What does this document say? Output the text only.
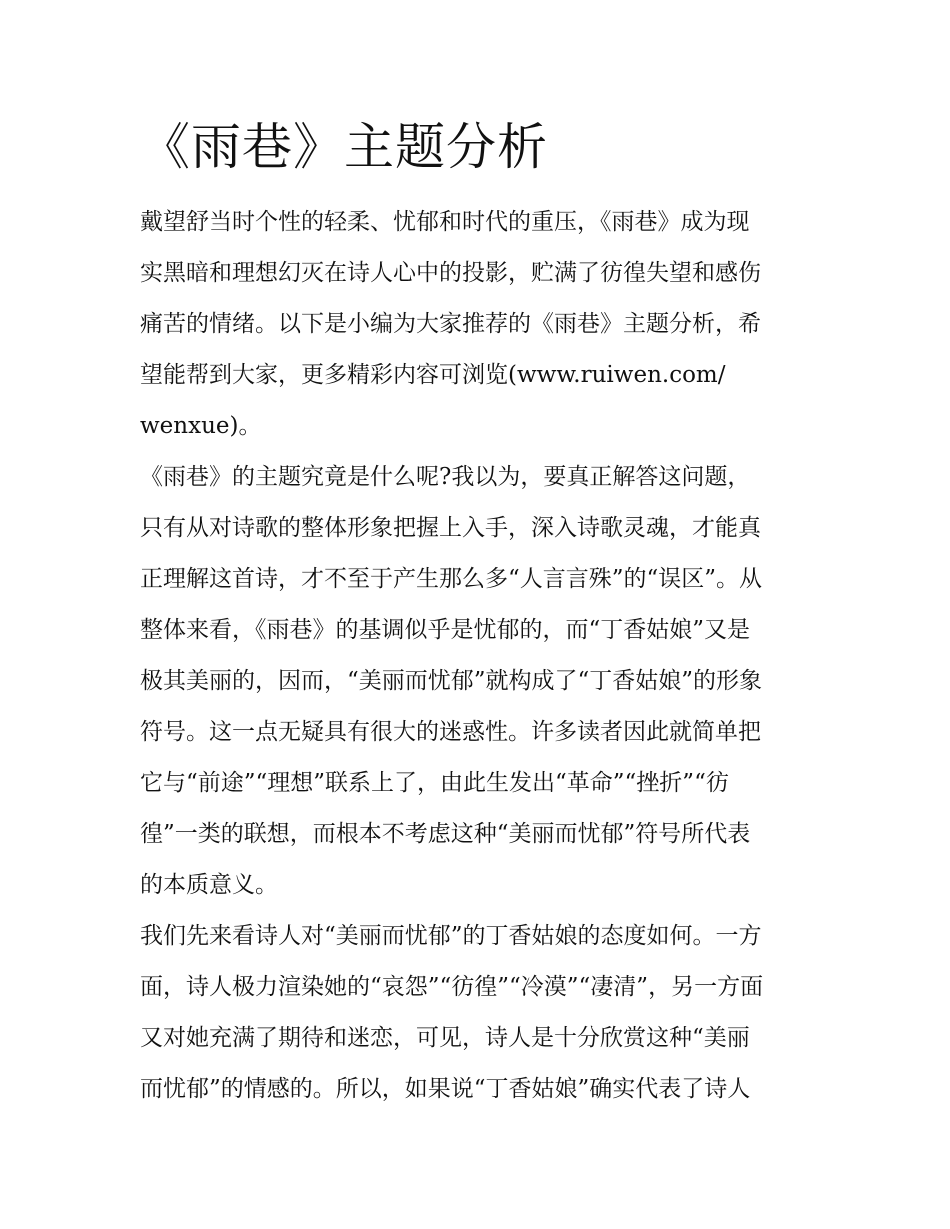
《雨巷》主题分析
戴望舒当时个性的轻柔、忧郁和时代的重压，《雨巷》成为现
实黑暗和理想幻灭在诗人心中的投影，贮满了彷徨失望和感伤
痛苦的情绪。以下是小编为大家推荐的《雨巷》主题分析，希
望能帮到大家，更多精彩内容可浏览(www.ruiwen.com/
wenxue)。
《雨巷》的主题究竟是什么呢?我以为，要真正解答这问题，
只有从对诗歌的整体形象把握上入手，深入诗歌灵魂，才能真
正理解这首诗，才不至于产生那么多“人言言殊”的“误区”。从
整体来看，《雨巷》的基调似乎是忧郁的，而“丁香姑娘”又是
极其美丽的，因而，“美丽而忧郁”就构成了“丁香姑娘”的形象
符号。这一点无疑具有很大的迷惑性。许多读者因此就简单把
它与“前途”“理想”联系上了，由此生发出“革命”“挫折”“彷
徨”一类的联想，而根本不考虑这种“美丽而忧郁”符号所代表
的本质意义。
我们先来看诗人对“美丽而忧郁”的丁香姑娘的态度如何。一方
面，诗人极力渲染她的“哀怨”“彷徨”“冷漠”“凄清”，另一方面
又对她充满了期待和迷恋，可见，诗人是十分欣赏这种“美丽
而忧郁”的情感的。所以，如果说“丁香姑娘”确实代表了诗人
